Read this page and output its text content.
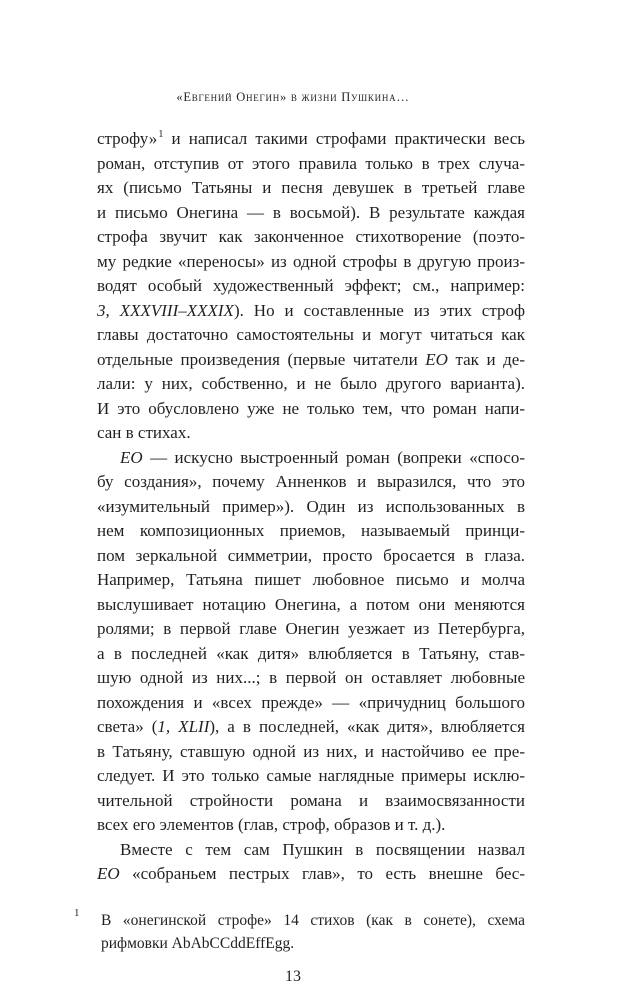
«Евгений Онегин» в жизни Пушкина…
строфу»$^1$ и написал такими строфами практически весь
роман, отступив от этого правила только в трех случа-
ях (письмо Татьяны и песня девушек в третьей главе
и письмо Онегина — в восьмой). В результате каждая
строфа звучит как законченное стихотворение (поэто-
му редкие «переносы» из одной строфы в другую произ-
водят особый художественный эффект; см., например:
3, XXXVIII–XXXIX). Но и составленные из этих строф
главы достаточно самостоятельны и могут читаться как
отдельные произведения (первые читатели ЕО так и де-
лали: у них, собственно, и не было другого варианта).
И это обусловлено уже не только тем, что роман напи-
сан в стихах.
ЕО — искусно выстроенный роман (вопреки «спосо-
бу создания», почему Анненков и выразился, что это
«изумительный пример»). Один из использованных в
нем композиционных приемов, называемый принци-
пом зеркальной симметрии, просто бросается в глаза.
Например, Татьяна пишет любовное письмо и молча
выслушивает нотацию Онегина, а потом они меняются
ролями; в первой главе Онегин уезжает из Петербурга,
а в последней «как дитя» влюбляется в Татьяну, став-
шую одной из них...; в первой он оставляет любовные
похождения и «всех прежде» — «причудниц большого
света» (1, XLII), а в последней, «как дитя», влюбляется
в Татьяну, ставшую одной из них, и настойчиво ее пре-
следует. И это только самые наглядные примеры исклю-
чительной стройности романа и взаимосвязанности
всех его элементов (глав, строф, образов и т. д.).
Вместе с тем сам Пушкин в посвящении назвал
ЕО «собраньем пестрых глав», то есть внешне бес-
1 В «онегинской строфе» 14 стихов (как в сонете), схема
рифмовки AbAbCCddEffEgg.
13
